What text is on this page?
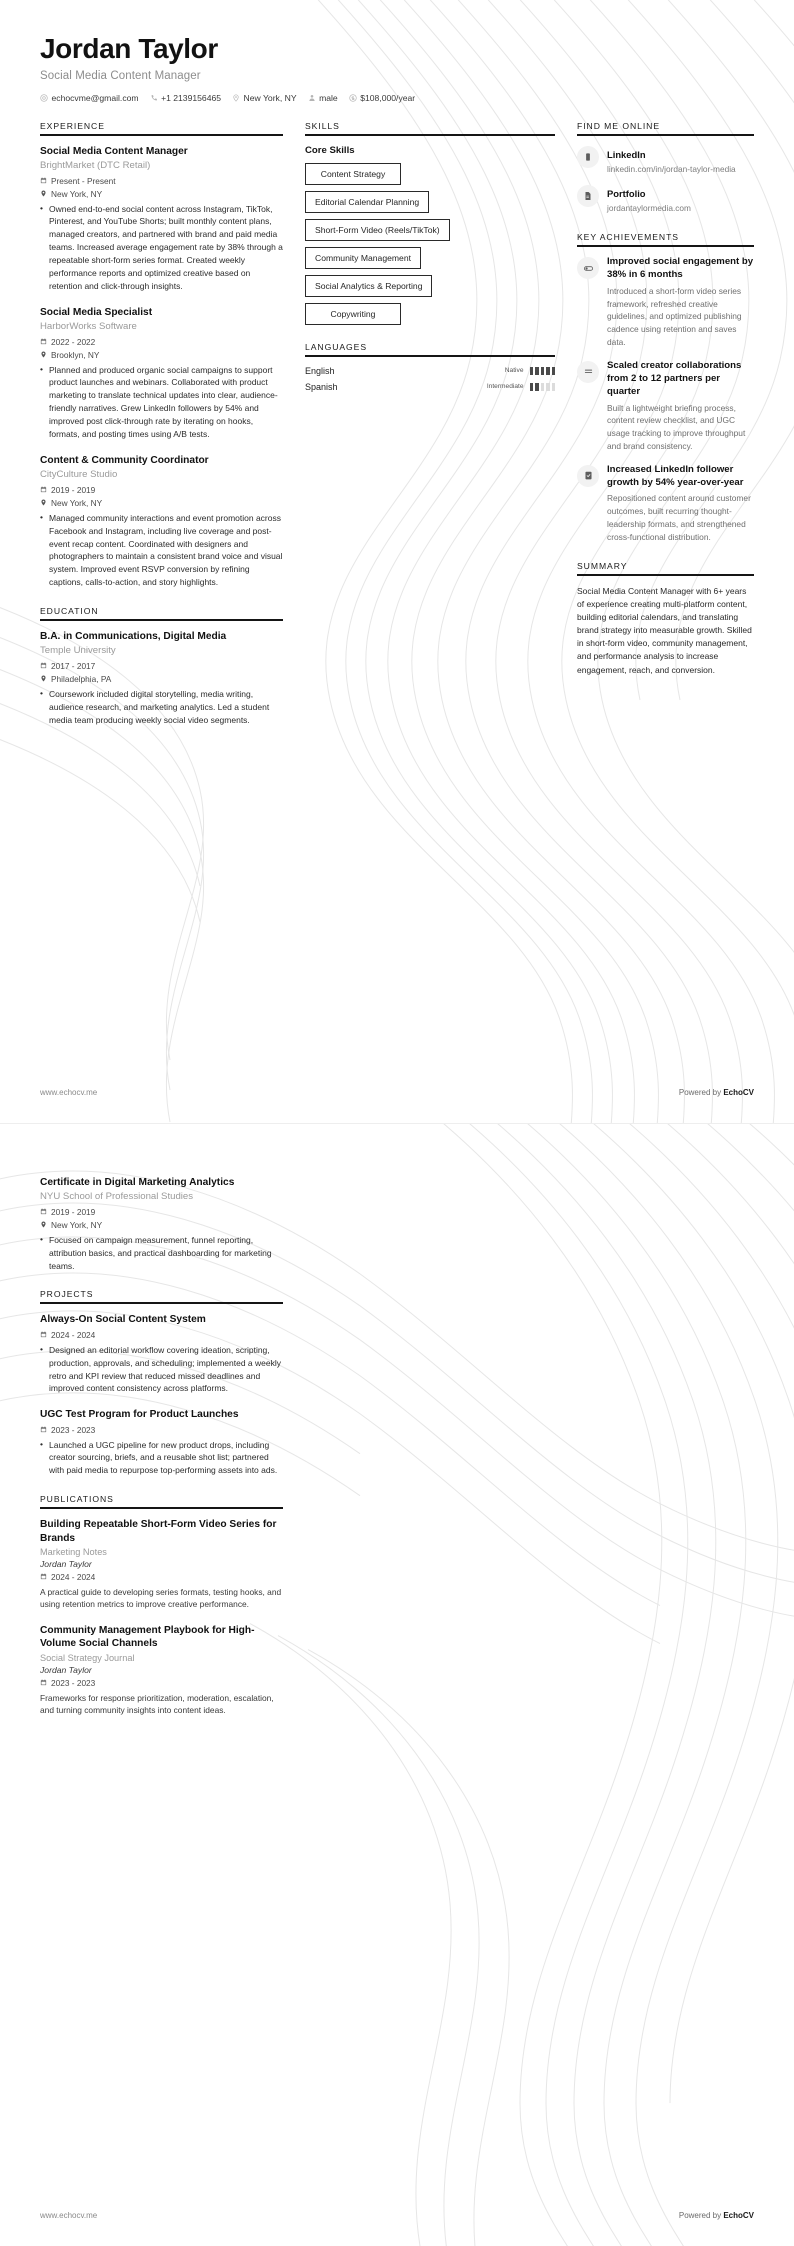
Jordan Taylor
Social Media Content Manager
echocvme@gmail.com	+1 2139156465	New York, NY	male	$108,000/year
EXPERIENCE
Social Media Content Manager
BrightMarket (DTC Retail)
Present - Present
New York, NY
• Owned end-to-end social content across Instagram, TikTok, Pinterest, and YouTube Shorts; built monthly content plans, managed creators, and partnered with brand and paid media teams. Increased average engagement rate by 38% through a repeatable short-form series format. Created weekly performance reports and optimized creative based on retention and click-through insights.
Social Media Specialist
HarborWorks Software
2022 - 2022
Brooklyn, NY
• Planned and produced organic social campaigns to support product launches and webinars. Collaborated with product marketing to translate technical updates into clear, audience-friendly narratives. Grew LinkedIn followers by 54% and improved post click-through rate by iterating on hooks, formats, and posting times using A/B tests.
Content & Community Coordinator
CityCulture Studio
2019 - 2019
New York, NY
• Managed community interactions and event promotion across Facebook and Instagram, including live coverage and post-event recap content. Coordinated with designers and photographers to maintain a consistent brand voice and visual system. Improved event RSVP conversion by refining captions, calls-to-action, and story highlights.
EDUCATION
B.A. in Communications, Digital Media
Temple University
2017 - 2017
Philadelphia, PA
• Coursework included digital storytelling, media writing, audience research, and marketing analytics. Led a student media team producing weekly social video segments.
SKILLS
Core Skills
Content Strategy
Editorial Calendar Planning
Short-Form Video (Reels/TikTok)
Community Management
Social Analytics & Reporting
Copywriting
LANGUAGES
English	Native
Spanish	Intermediate
FIND ME ONLINE
LinkedIn
linkedin.com/in/jordan-taylor-media
Portfolio
jordantaylormedia.com
KEY ACHIEVEMENTS
Improved social engagement by 38% in 6 months
Introduced a short-form video series framework, refreshed creative guidelines, and optimized publishing cadence using retention and saves data.
Scaled creator collaborations from 2 to 12 partners per quarter
Built a lightweight briefing process, content review checklist, and UGC usage tracking to improve throughput and brand consistency.
Increased LinkedIn follower growth by 54% year-over-year
Repositioned content around customer outcomes, built recurring thought-leadership formats, and strengthened cross-functional distribution.
SUMMARY
Social Media Content Manager with 6+ years of experience creating multi-platform content, building editorial calendars, and translating brand strategy into measurable growth. Skilled in short-form video, community management, and performance analysis to increase engagement, reach, and conversion.
www.echocv.me	Powered by EchoCV
Certificate in Digital Marketing Analytics
NYU School of Professional Studies
2019 - 2019
New York, NY
• Focused on campaign measurement, funnel reporting, attribution basics, and practical dashboarding for marketing teams.
PROJECTS
Always-On Social Content System
2024 - 2024
• Designed an editorial workflow covering ideation, scripting, production, approvals, and scheduling; implemented a weekly retro and KPI review that reduced missed deadlines and improved content consistency across platforms.
UGC Test Program for Product Launches
2023 - 2023
• Launched a UGC pipeline for new product drops, including creator sourcing, briefs, and a reusable shot list; partnered with paid media to repurpose top-performing assets into ads.
PUBLICATIONS
Building Repeatable Short-Form Video Series for Brands
Marketing Notes
Jordan Taylor
2024 - 2024
A practical guide to developing series formats, testing hooks, and using retention metrics to improve creative performance.
Community Management Playbook for High-Volume Social Channels
Social Strategy Journal
Jordan Taylor
2023 - 2023
Frameworks for response prioritization, moderation, escalation, and turning community insights into content ideas.
www.echocv.me	Powered by EchoCV
